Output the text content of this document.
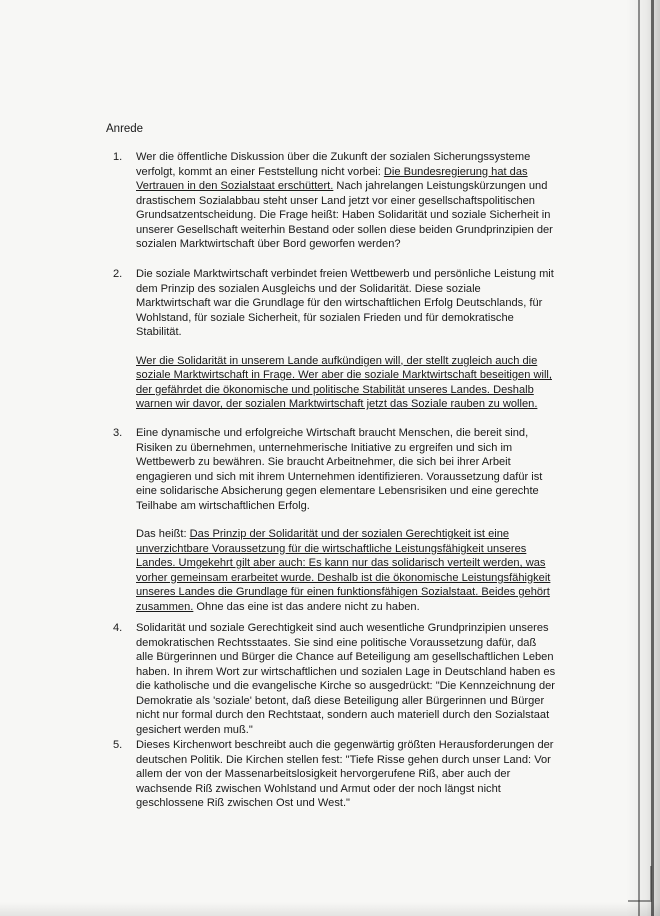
Anrede
1.	Wer die öffentliche Diskussion über die Zukunft der sozialen Sicherungssysteme verfolgt, kommt an einer Feststellung nicht vorbei: Die Bundesregierung hat das Vertrauen in den Sozialstaat erschüttert. Nach jahrelangen Leistungskürzungen und drastischem Sozialabbau steht unser Land jetzt vor einer gesellschaftspolitischen Grundsatzentscheidung. Die Frage heißt: Haben Solidarität und soziale Sicherheit in unserer Gesellschaft weiterhin Bestand oder sollen diese beiden Grundprinzipien der sozialen Marktwirtschaft über Bord geworfen werden?

2.	Die soziale Marktwirtschaft verbindet freien Wettbewerb und persönliche Leistung mit dem Prinzip des sozialen Ausgleichs und der Solidarität. Diese soziale Marktwirtschaft war die Grundlage für den wirtschaftlichen Erfolg Deutschlands, für Wohlstand, für soziale Sicherheit, für sozialen Frieden und für demokratische Stabilität.

Wer die Solidarität in unserem Lande aufkündigen will, der stellt zugleich auch die soziale Marktwirtschaft in Frage. Wer aber die soziale Marktwirtschaft beseitigen will, der gefährdet die ökonomische und politische Stabilität unseres Landes. Deshalb warnen wir davor, der sozialen Marktwirtschaft jetzt das Soziale rauben zu wollen.

3.	Eine dynamische und erfolgreiche Wirtschaft braucht Menschen, die bereit sind, Risiken zu übernehmen, unternehmerische Initiative zu ergreifen und sich im Wettbewerb zu bewähren. Sie braucht Arbeitnehmer, die sich bei ihrer Arbeit engagieren und sich mit ihrem Unternehmen identifizieren. Voraussetzung dafür ist eine solidarische Absicherung gegen elementare Lebensrisiken und eine gerechte Teilhabe am wirtschaftlichen Erfolg.

Das heißt: Das Prinzip der Solidarität und der sozialen Gerechtigkeit ist eine unverzichtbare Voraussetzung für die wirtschaftliche Leistungsfähigkeit unseres Landes. Umgekehrt gilt aber auch: Es kann nur das solidarisch verteilt werden, was vorher gemeinsam erarbeitet wurde. Deshalb ist die ökonomische Leistungsfähigkeit unseres Landes die Grundlage für einen funktionsfähigen Sozialstaat. Beides gehört zusammen. Ohne das eine ist das andere nicht zu haben.

4.	Solidarität und soziale Gerechtigkeit sind auch wesentliche Grundprinzipien unseres demokratischen Rechtsstaates. Sie sind eine politische Voraussetzung dafür, daß alle Bürgerinnen und Bürger die Chance auf Beteiligung am gesellschaftlichen Leben haben. In ihrem Wort zur wirtschaftlichen und sozialen Lage in Deutschland haben es die katholische und die evangelische Kirche so ausgedrückt: "Die Kennzeichnung der Demokratie als 'soziale' betont, daß diese Beteiligung aller Bürgerinnen und Bürger nicht nur formal durch den Rechtstaat, sondern auch materiell durch den Sozialstaat gesichert werden muß."

5.	Dieses Kirchenwort beschreibt auch die gegenwärtig größten Herausforderungen der deutschen Politik. Die Kirchen stellen fest: "Tiefe Risse gehen durch unser Land: Vor allem der von der Massenarbeitslosigkeit hervorgerufene Riß, aber auch der wachsende Riß zwischen Wohlstand und Armut oder der noch längst nicht geschlossene Riß zwischen Ost und West."
